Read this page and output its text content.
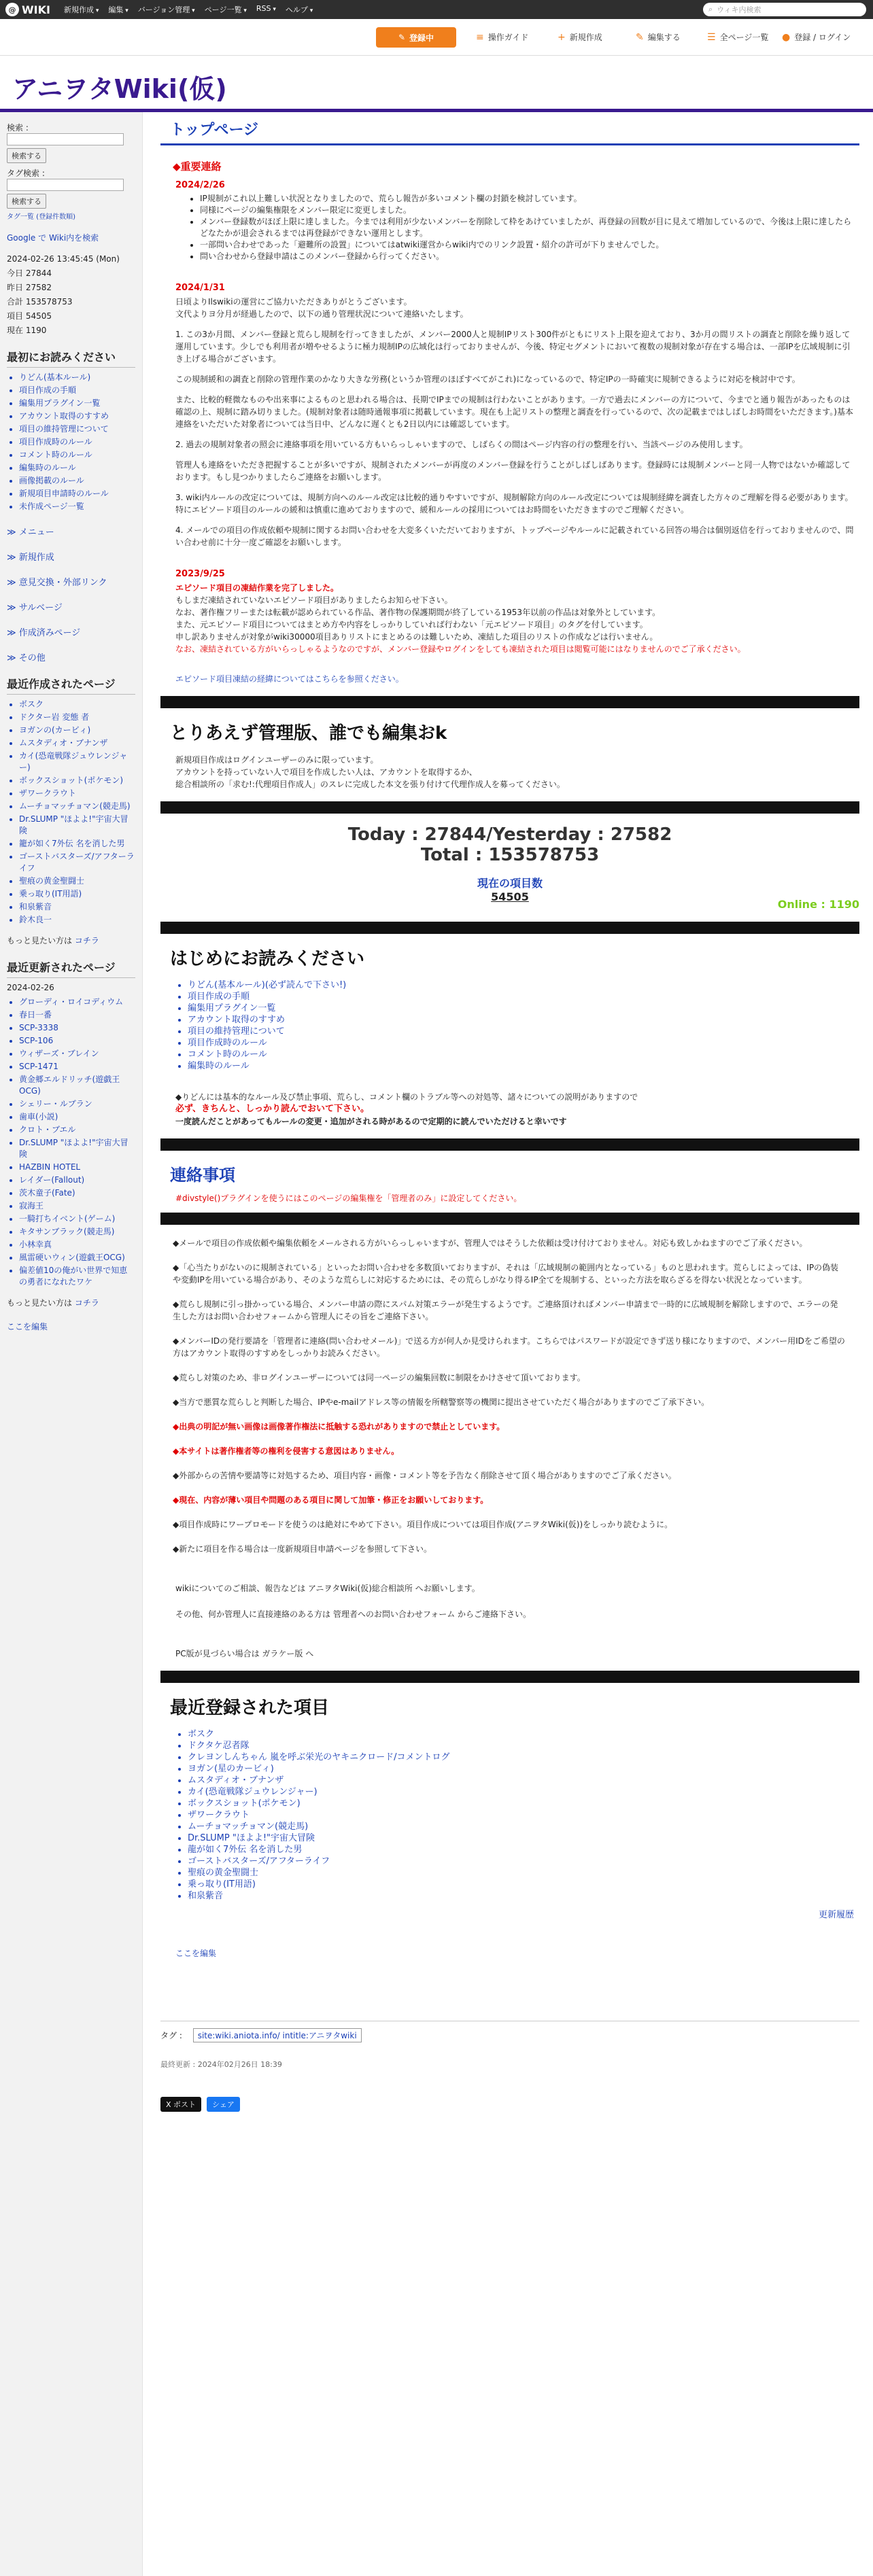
@ WIKI 新規作成 ▾	編集 ▾	バージョン管理 ▾	ページ一覧 ▾	RSS ▾	ヘルプ ▾	⌕ ウィキ内検索
✎ 登録中	≡ 操作ガイド	+ 新規作成	✎ 編集する	☰ 全ページ一覧 ● 登録 / ログイン
アニヲタWiki(仮)
検索 :
検索する
タグ検索 :
検索する

タグ一覧 (登録件数順)

Google で Wiki内を検索

2024-02-26 13:45:45 (Mon)

今日 27844

昨日 27582

合計 153578753

項目 54505

現在 1190

最初にお読みください
• りどん(基本ルール)
• 項目作成の手順
• 編集用プラグイン一覧
• アカウント取得のすすめ
• 項目の維持管理について
• 項目作成時のルール
• コメント時のルール
• 編集時のルール
• 画像掲載のルール
• 新規項目申請時のルール
• 未作成ページ一覧
≫ メニュー
≫ 新規作成
≫ 意見交換・外部リンク
≫ サルベージ
≫ 作成済みページ
≫ その他
最近作成されたページ
• ボスク
• ドクター岩 変態 者
• ヨガンの(カービィ)
• ムスタディオ・ブナンザ
• カイ(恐竜戦隊ジュウレンジャー)
• ボックスショット(ポケモン)
• ザワークラウト
• ムーチョマッチョマン(競走馬)
• Dr.SLUMP "ほよよ!"宇宙大冒険
• 籠が如く7外伝 名を消した男
• ゴーストバスターズ/アフターライフ
• 聖痕の黄金聖闘士
• 乗っ取り(IT用語)
• 和泉紫音
• 鈴木良一

もっと見たい方は コチラ

最近更新されたページ

2024-02-26

• グローディ・ロイコディウム
• 春日一番
• SCP-3338
• SCP-106
• ウィザーズ・ブレイン
• SCP-1471
• 黄金郷エルドリッチ(遊戯王OCG)
• シェリー・ルブラン
• 歯車(小説)
• クロト・ブエル
• Dr.SLUMP "ほよよ!"宇宙大冒険
• HAZBIN HOTEL
• レイダー(Fallout)
• 茨木童子(Fate)
• 寂海王
• 一騎打ちイベント(ゲーム)
• キタサンブラック(競走馬)
• 小林幸真
• 風雷硬いウィン(遊戯王OCG)
• 偏差値10の俺がい世界で知恵の勇者になれたワケ

もっと見たい方は コチラ

ここを編集

トップページ
◆重要連絡
2024/2/26
• IP規制がこれ以上難しい状況となりましたので、荒らし報告が多いコメント欄の封鎖を検討しています。
• 同様にページの編集権限をメンバー限定に変更しました。
• メンバー登録数がほぼ上限に達しました。今までは利用が少ないメンバーを削除して枠をあけていましたが、再登録の回数が目に見えて増加しているので、今後は上限に達したらどなたかが退会されるまでは再登録ができない運用とします。
• 一部問い合わせであった「避難所の設置」についてはatwiki運営からwiki内でのリンク設置・紹介の許可が下りませんでした。
• 問い合わせから登録申請はこのメンバー登録から行ってください。
2024/1/31
日頃よりIlswikiの運営にご協力いただきありがとうございます。
文代よりヨ分月が経過したので、以下の通り管理状況について連絡いたします。
1. この3か月間、メンバー登録と荒らし規制を行ってきましたが、メンバー2000人と規制IPリスト300件がともにリスト上限を迎えており、3か月の間リストの調査と削除を繰り返して運用しています。少しでも利用者が増やせるように極力規制IPの広域化は行っておりませんが、今後、特定セグメントにおいて複数の規制対象が存在する場合は、一部IPを広域規制に引き上げる場合がございます。
この規制緩和の調査と削除の管理作業のかなり大きな労務(というか管理のほぼすべてがこれ)になっているので、特定IPの一時確実に規制できるように対応を検討中です。
また、比較的軽微なものや出来事によるものと思われる場合は、長期でIPまでの規制は行わないことがあります。一方で過去にメンバーの方について、今までと通り報告があったものは確認の上、規制に踏み切りました。(規制対象者は随時通報事項に掲載しています。現在も上記リストの整理と調査を行っているので、次の記載まではしばしお時間をいただきます。)基本連絡をいただいた対象者については当日中、どんなに遅くとも2日以内には確認しています。
2. 過去の規制対象者の照会に連絡事項を用いている方もいらっしゃいますので、しばらくの間はページ内容の行の整理を行い、当該ページのみ使用します。
管理人も連絡をいただき把握することが多いですが、規制されたメンバーが再度のメンバー登録を行うことがしばしばあります。登録時には規制メンバーと同一人物ではないか確認しております。もし見つかりましたらご連絡をお願いします。
3. wiki内ルールの改定については、規制方向へのルール改定は比較的通りやすいですが、規制解除方向のルール改定については規制経緯を調査した方々のご理解を得る必要があります。特にエピソード項目のルールの緩和は慎重に進めておりますので、緩和ルールの採用についてはお時間をいただきますのでご理解ください。
4. メールでの項目の作成依頼や規制に関するお問い合わせを大変多くいただいておりますが、トップページやルールに記載されている回答の場合は個別返信を行っておりませんので、問い合わせ前に十分一度ご確認をお願いします。
2023/9/25
エピソード項目の凍結作業を完了しました。
もしまだ凍結されていないエピソード項目がありましたらお知らせ下さい。
なお、著作権フリーまたは転載が認められている作品、著作物の保護期間が終了している1953年以前の作品は対象外としています。
また、元エピソード項目についてはまとめ方や内容をしっかりしていれば行わない「元エピソード項目」のタグを付しています。
申し訳ありませんが対象がwiki30000項目ありリストにまとめるのは難しいため、凍結した項目のリストの作成などは行いません。
なお、凍結されている方がいらっしゃるようなのですが、メンバー登録やログインをしても凍結された項目は閲覧可能にはなりませんのでご了承ください。
エピソード項目凍結の経緯についてはこちらを参照ください。
とりあえず管理版、誰でも編集おk
新規項目作成はログインユーザーのみに限っています。
アカウントを持っていない人で項目を作成したい人は、アカウントを取得するか、
総合相談所の「求む!:代理項目作成人」のスレに完成した本文を張り付けて代理作成人を募ってください。
Today : 27844/Yesterday : 27582
Total : 153578753
現在の項目数
54505
Online : 1190
はじめにお読みください
• りどん(基本ルール)(必ず読んで下さい!)
• 項目作成の手順
• 編集用プラグイン一覧
• アカウント取得のすすめ
• 項目の維持管理について
• 項目作成時のルール
• コメント時のルール
• 編集時のルール
◆りどんには基本的なルール及び禁止事項、荒らし、コメント欄のトラブル等への対処等、諸々についての説明がありますので
必ず、きちんと、しっかり読んでおいて下さい。
一度読んだことがあってもルールの変更・追加がされる時があるので定期的に読んでいただけると幸いです
連絡事項
#divstyle()プラグインを使うにはこのページの編集権を「管理者のみ」に設定してください。
◆メールで項目の作成依頼や編集依頼をメールされる方がいらっしゃいますが、管理人ではそうした依頼は受け付けておりません。対応も致しかねますのでご了承ください。
◆「心当たりがないのに規制されている」といったお問い合わせを多数頂いておりますが、それは「広域規制の範囲内となっている」ものと思われます。荒らしによっては、IPの偽装や変動IPを用いている場合があり、そのような荒らしに対応するためには、その荒らしがなり得るIP全てを規制する、といった方法を取らざるを得ない状況となっています。
◆荒らし規制に引っ掛かっている場合、メンバー申請の際にスパム対策エラーが発生するようです。ご連絡頂ければメンバー申請まで一時的に広域規制を解除しますので、エラーの発生した方はお問い合わせフォームから管理人にその旨をご連絡下さい。
◆メンバーIDの発行要請を「管理者に連絡(問い合わせメール)」で送る方が何人か見受けられます。こちらではパスワードが設定できず送り様になりますので、メンバー用IDをご希望の方はアカウント取得のすすめをしっかりお読みください。
◆荒らし対策のため、非ログインユーザーについては同一ページの編集回数に制限をかけさせて頂いております。
◆当方で悪質な荒らしと判断した場合、IPやe-mailアドレス等の情報を所轄警察等の機関に提出させていただく場合がありますのでご了承下さい。
◆出典の明記が無い画像は画像著作権法に抵触する恐れがありますので禁止としています。
◆本サイトは著作権者等の権利を侵害する意図はありません。
◆外部からの苦情や要請等に対処するため、項目内容・画像・コメント等を予告なく削除させて頂く場合がありますのでご了承ください。
◆現在、内容が薄い項目や問題のある項目に関して加筆・修正をお願いしております。
◆項目作成時にワープロモードを使うのは絶対にやめて下さい。項目作成については項目作成(アニヲタWiki(仮))をしっかり読むように。
◆新たに項目を作る場合は一度新規項目申請ページを参照して下さい。
wikiについてのご相談、報告などは アニヲタWiki(仮)総合相談所 へお願いします。
その他、何か管理人に直接連絡のある方は 管理者へのお問い合わせフォーム からご連絡下さい。
PC版が見づらい場合は ガラケー版 へ
最近登録された項目
• ボスク
• ドクタケ忍者隊
• クレヨンしんちゃん 嵐を呼ぶ栄光のヤキニクロード/コメントログ
• ヨガン(星のカービィ)
• ムスタディオ・ブナンザ
• カイ(恐竜戦隊ジュウレンジャー)
• ボックスショット(ポケモン)
• ザワークラウト
• ムーチョマッチョマン(競走馬)
• Dr.SLUMP "ほよよ!"宇宙大冒険
• 龍が如く7外伝 名を消した男
• ゴーストバスターズ/アフターライフ
• 聖痕の黄金聖闘士
• 乗っ取り(IT用語)
• 和泉紫音
更新履歴
ここを編集
タグ : site:wiki.aniota.info/ intitle:アニヲタwiki
最終更新 : 2024年02月26日 18:39
X ポスト	シェア
